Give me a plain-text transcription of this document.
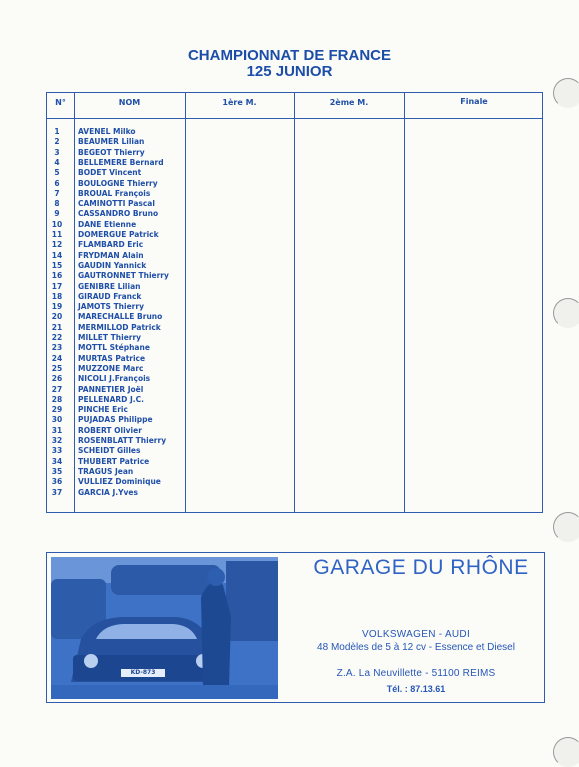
CHAMPIONNAT DE FRANCE
125 JUNIOR
N°	NOM	1ère M.	2ème M.	Finale
1	AVENEL Milko
2	BEAUMER Lilian
3	BEGEOT Thierry
4	BELLEMERE Bernard
5	BODET Vincent
6	BOULOGNE Thierry
7	BROUAL François
8	CAMINOTTI Pascal
9	CASSANDRO Bruno
10	DANE Etienne
11	DOMERGUE Patrick
12	FLAMBARD Eric
14	FRYDMAN Alain
15	GAUDIN Yannick
16	GAUTRONNET Thierry
17	GENIBRE Lilian
18	GIRAUD Franck
19	JAMOTS Thierry
20	MARECHALLE Bruno
21	MERMILLOD Patrick
22	MILLET Thierry
23	MOTTL Stéphane
24	MURTAS Patrice
25	MUZZONE Marc
26	NICOLI J.François
27	PANNETIER Joël
28	PELLENARD J.C.
29	PINCHE Eric
30	PUJADAS Philippe
31	ROBERT Olivier
32	ROSENBLATT Thierry
33	SCHEIDT Gilles
34	THUBERT Patrice
35	TRAGUS Jean
36	VULLIEZ Dominique
37	GARCIA J.Yves
KD-873
GARAGE DU RHÔNE
VOLKSWAGEN - AUDI
48 Modèles de 5 à 12 cv - Essence et Diesel
Z.A. La Neuvillette - 51100 REIMS
Tél. : 87.13.61
